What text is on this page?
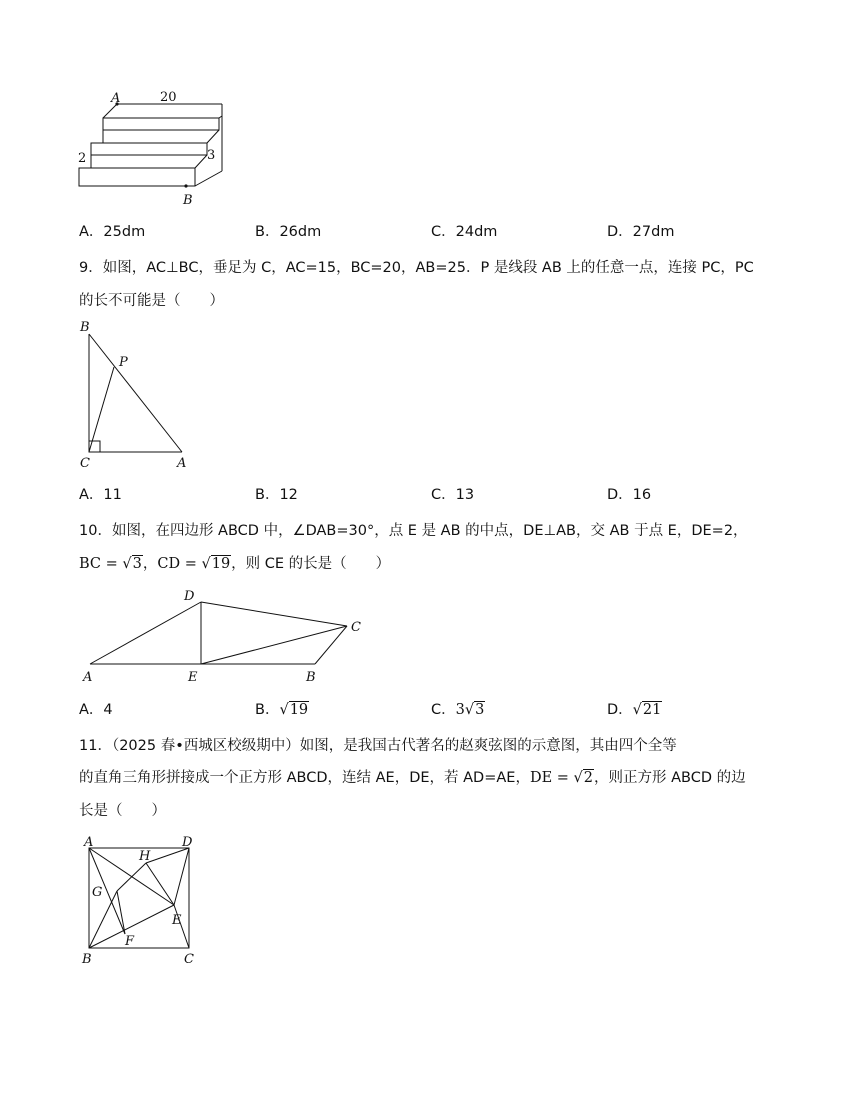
A	20
2	3
B
A．25dm	B．26dm	C．24dm	D．27dm
9．如图，AC⊥BC，垂足为 C，AC=15，BC=20，AB=25．P 是线段 AB 上的任意一点，连接 PC，PC
的长不可能是（　　）
B
P
C	A
A．11	B．12	C．13	D．16
10．如图，在四边形 ABCD 中，∠DAB=30°，点 E 是 AB 的中点，DE⊥AB，交 AB 于点 E，DE=2，
BC = √3，CD = √19，则 CE 的长是（　　）
D
C
A	E	B
A．4	B．√19	C．3√3	D．√21
11．（2025 春•西城区校级期中）如图，是我国古代著名的赵爽弦图的示意图，其由四个全等
的直角三角形拼接成一个正方形 ABCD，连结 AE，DE，若 AD=AE，DE = √2，则正方形 ABCD 的边
长是（　　）
A	D
H
G
E
F
B	C
